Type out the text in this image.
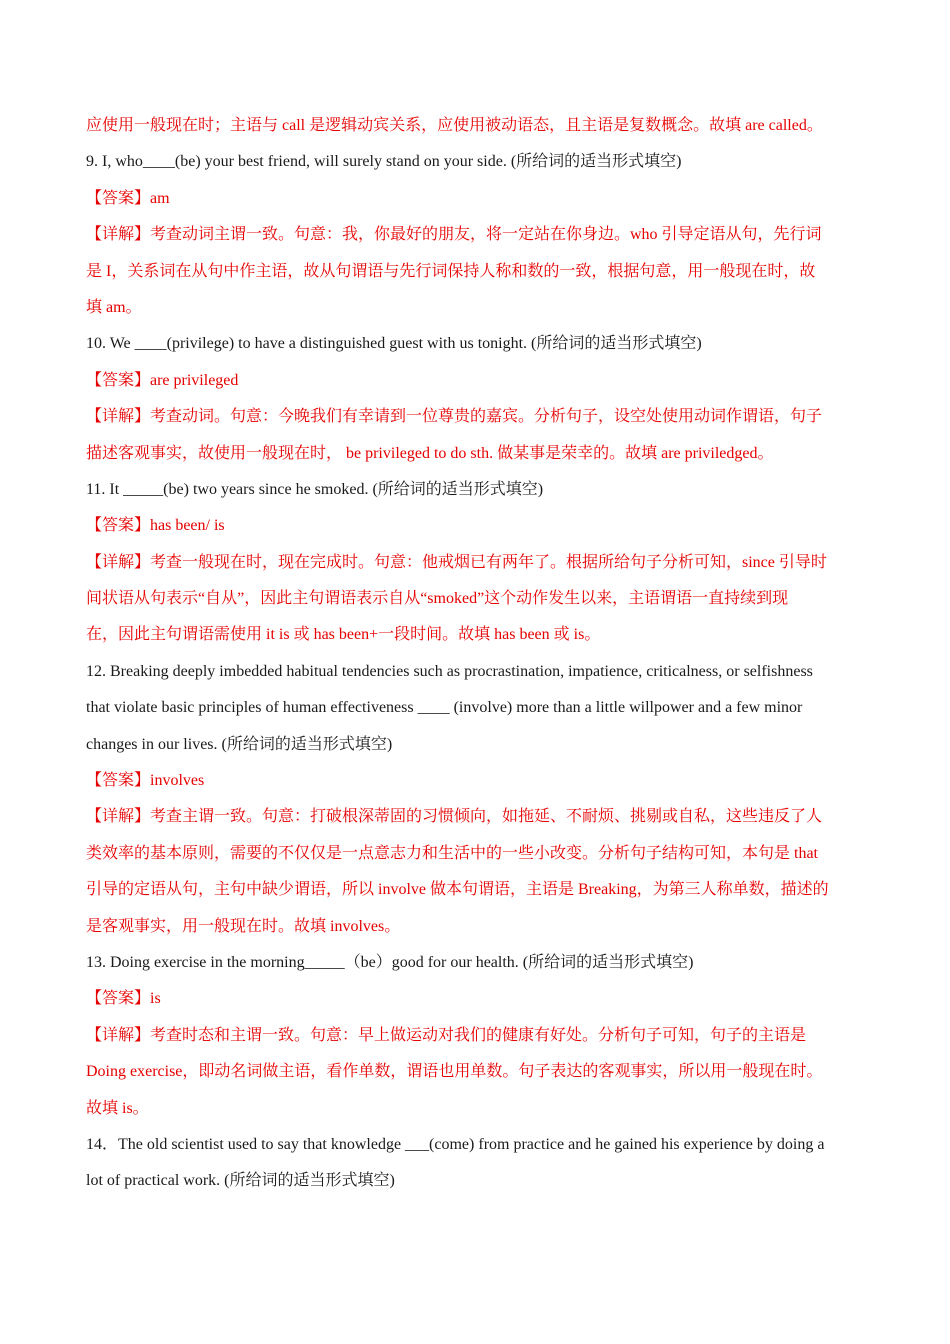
应使用一般现在时；主语与 call 是逻辑动宾关系，应使用被动语态，且主语是复数概念。故填 are called。
9. I, who____(be) your best friend, will surely stand on your side. (所给词的适当形式填空)
【答案】am
【详解】考查动词主谓一致。句意：我，你最好的朋友，将一定站在你身边。who 引导定语从句，先行词
是 I，关系词在从句中作主语，故从句谓语与先行词保持人称和数的一致，根据句意，用一般现在时，故
填 am。
10. We ____(privilege) to have a distinguished guest with us tonight. (所给词的适当形式填空)
【答案】are privileged
【详解】考查动词。句意：今晚我们有幸请到一位尊贵的嘉宾。分析句子，设空处使用动词作谓语，句子
描述客观事实，故使用一般现在时， be privileged to do sth. 做某事是荣幸的。故填 are priviledged。
11. It _____(be) two years since he smoked. (所给词的适当形式填空)
【答案】has been/ is
【详解】考查一般现在时，现在完成时。句意：他戒烟已有两年了。根据所给句子分析可知，since 引导时
间状语从句表示“自从”，因此主句谓语表示自从“smoked”这个动作发生以来，主语谓语一直持续到现
在，因此主句谓语需使用 it is 或 has been+一段时间。故填 has been 或 is。
12. Breaking deeply imbedded habitual tendencies such as procrastination, impatience, criticalness, or selfishness
that violate basic principles of human effectiveness ____ (involve) more than a little willpower and a few minor
changes in our lives. (所给词的适当形式填空)
【答案】involves
【详解】考查主谓一致。句意：打破根深蒂固的习惯倾向，如拖延、不耐烦、挑剔或自私，这些违反了人
类效率的基本原则，需要的不仅仅是一点意志力和生活中的一些小改变。分析句子结构可知，本句是 that
引导的定语从句，主句中缺少谓语，所以 involve 做本句谓语，主语是 Breaking，为第三人称单数，描述的
是客观事实，用一般现在时。故填 involves。
13. Doing exercise in the morning_____（be）good for our health. (所给词的适当形式填空)
【答案】is
【详解】考查时态和主谓一致。句意：早上做运动对我们的健康有好处。分析句子可知，句子的主语是
Doing exercise，即动名词做主语，看作单数，谓语也用单数。句子表达的客观事实，所以用一般现在时。
故填 is。
14．The old scientist used to say that knowledge ___(come) from practice and he gained his experience by doing a
lot of practical work. (所给词的适当形式填空)
